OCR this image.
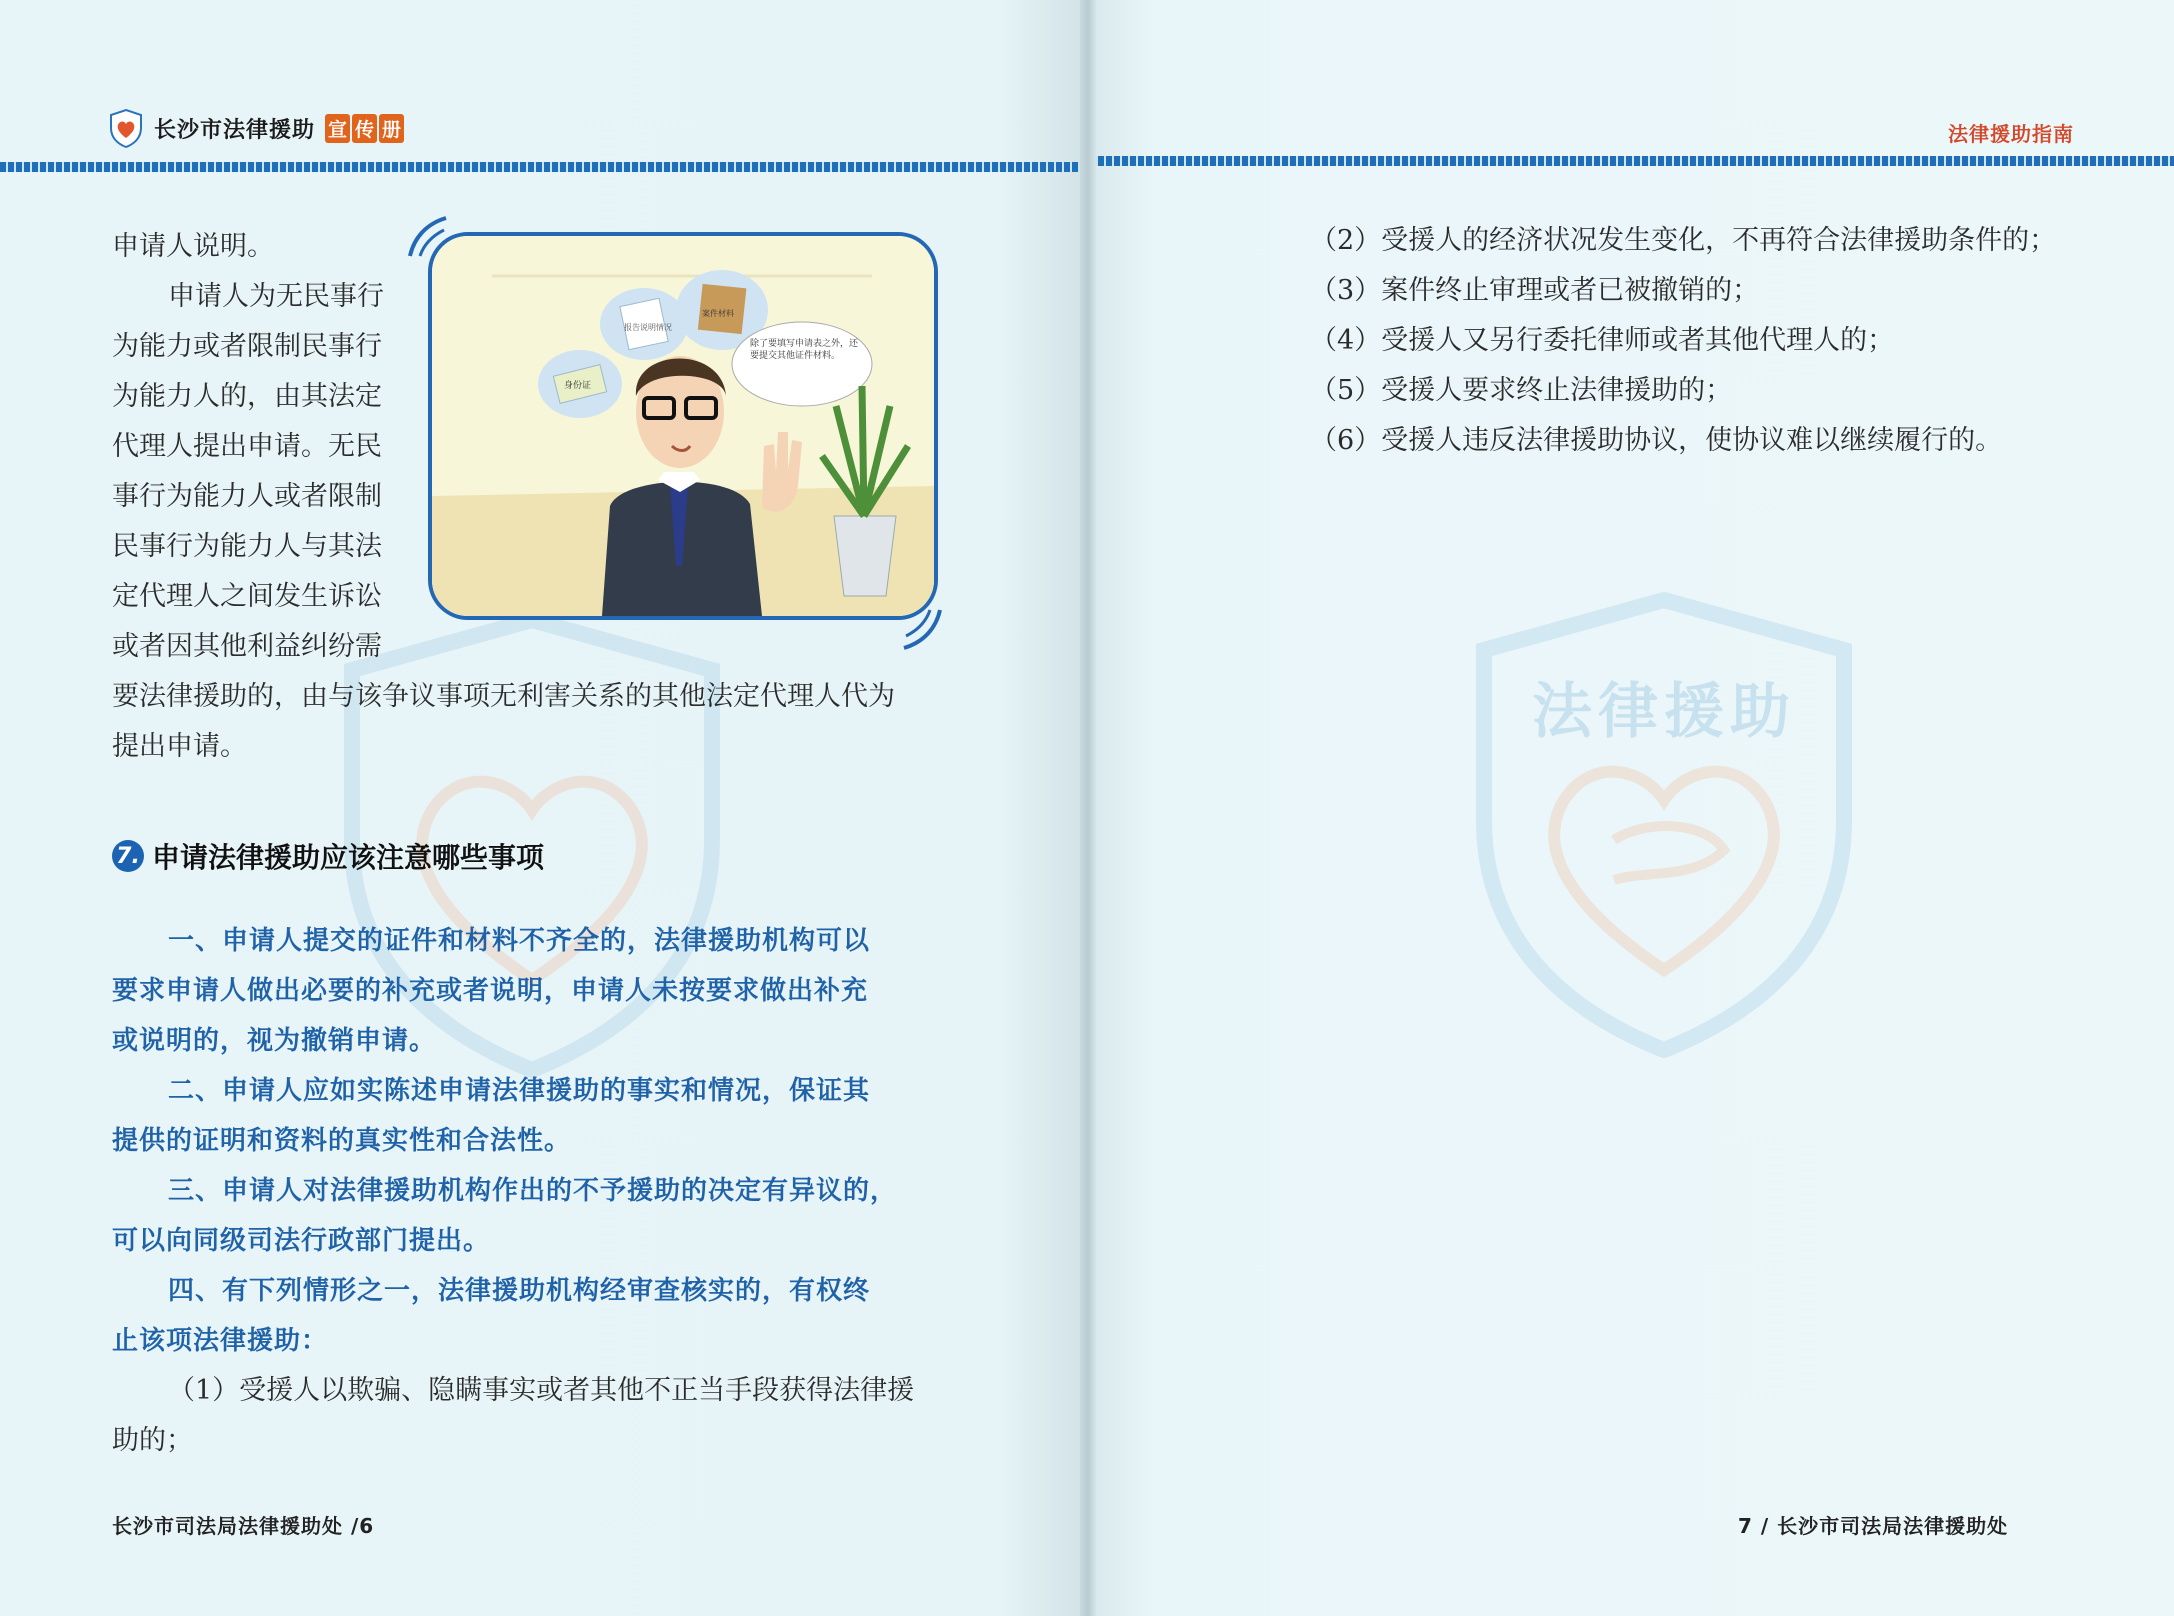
长沙市法律援助 宣 传 册

申请人说明。

申请人为无民事行
为能力或者限制民事行
为能力人的，由其法定
代理人提出申请。无民
事行为能力人或者限制
民事行为能力人与其法
定代理人之间发生诉讼
或者因其他利益纠纷需
要法律援助的，由与该争议事项无利害关系的其他法定代理人代为
提出申请。
报告说明情况
案件材料
身份证
除了要填写申请表之外，还要提交其他证件材料。
7. 申请法律援助应该注意哪些事项
一、申请人提交的证件和材料不齐全的，法律援助机构可以
要求申请人做出必要的补充或者说明，申请人未按要求做出补充
或说明的，视为撤销申请。
二、申请人应如实陈述申请法律援助的事实和情况，保证其
提供的证明和资料的真实性和合法性。
三、申请人对法律援助机构作出的不予援助的决定有异议的，
可以向同级司法行政部门提出。
四、有下列情形之一，法律援助机构经审查核实的，有权终
止该项法律援助：
（1）受援人以欺骗、隐瞒事实或者其他不正当手段获得法律援
助的；
长沙市司法局法律援助处 /6
法律援助指南
法律援助
（2）受援人的经济状况发生变化，不再符合法律援助条件的；
（3）案件终止审理或者已被撤销的；
（4）受援人又另行委托律师或者其他代理人的；
（5）受援人要求终止法律援助的；
（6）受援人违反法律援助协议，使协议难以继续履行的。
7 / 长沙市司法局法律援助处
